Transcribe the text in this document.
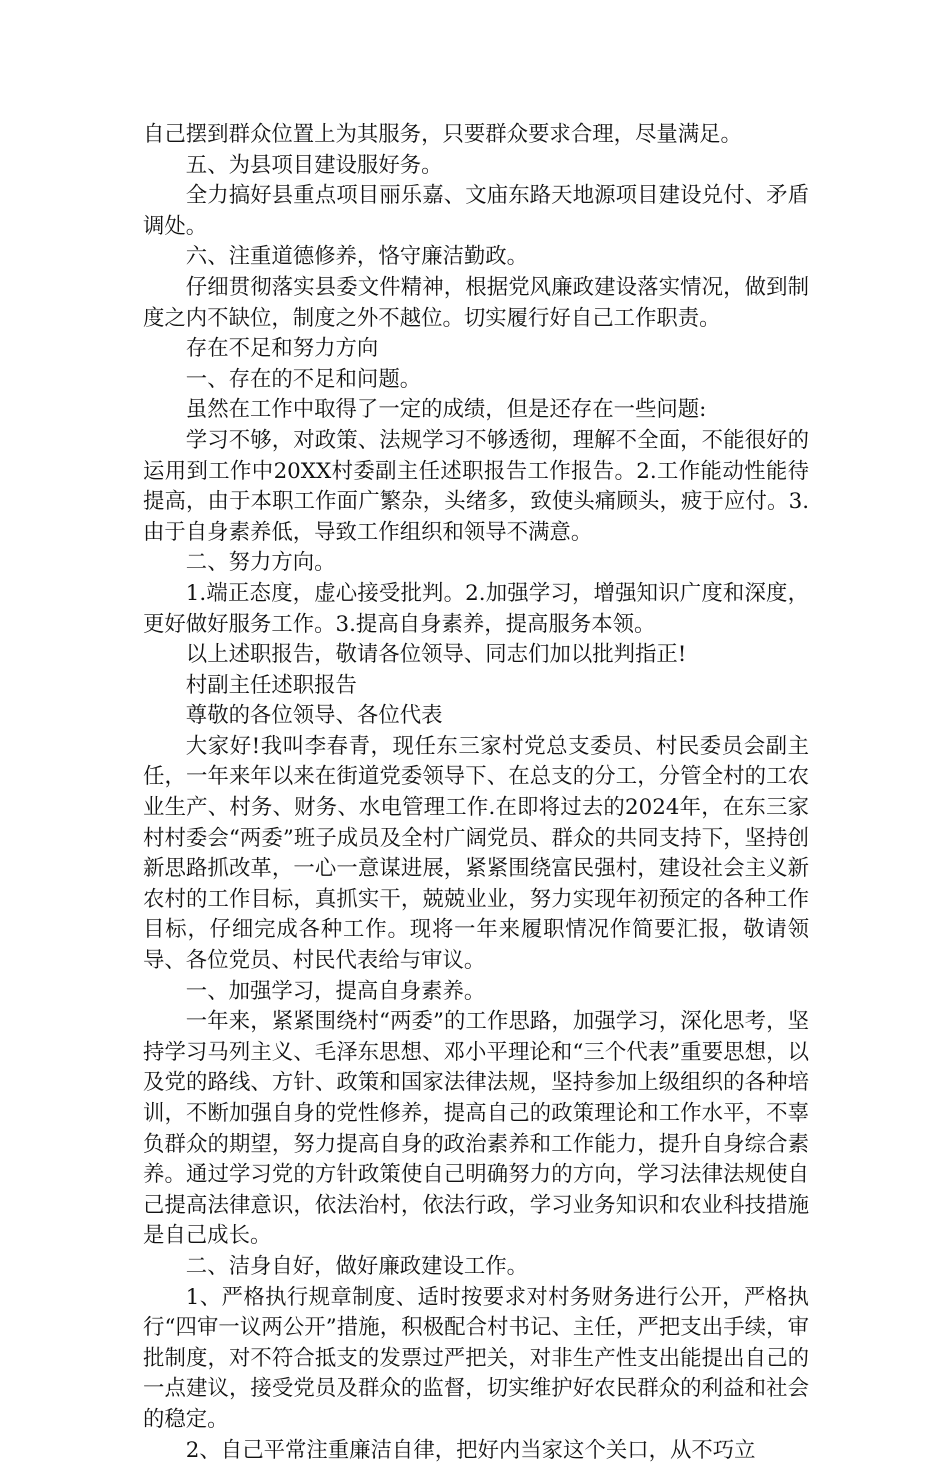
自己摆到群众位置上为其服务，只要群众要求合理，尽量满足。

五、为县项目建设服好务。

全力搞好县重点项目丽乐嘉、文庙东路天地源项目建设兑付、矛盾调处。

六、注重道德修养，恪守廉洁勤政。

仔细贯彻落实县委文件精神，根据党风廉政建设落实情况，做到制度之内不缺位，制度之外不越位。切实履行好自己工作职责。

存在不足和努力方向

一、存在的不足和问题。

虽然在工作中取得了一定的成绩，但是还存在一些问题:

学习不够，对政策、法规学习不够透彻，理解不全面，不能很好的运用到工作中20XX村委副主任述职报告工作报告。2.工作能动性能待提高，由于本职工作面广繁杂，头绪多，致使头痛顾头，疲于应付。3.由于自身素养低，导致工作组织和领导不满意。

二、努力方向。

1.端正态度，虚心接受批判。2.加强学习，增强知识广度和深度，更好做好服务工作。3.提高自身素养，提高服务本领。

以上述职报告，敬请各位领导、同志们加以批判指正!

村副主任述职报告

尊敬的各位领导、各位代表

大家好!我叫李春青，现任东三家村党总支委员、村民委员会副主任，一年来年以来在街道党委领导下、在总支的分工，分管全村的工农业生产、村务、财务、水电管理工作.在即将过去的2024年，在东三家村村委会“两委”班子成员及全村广阔党员、群众的共同支持下，坚持创新思路抓改革，一心一意谋进展，紧紧围绕富民强村，建设社会主义新农村的工作目标，真抓实干，兢兢业业，努力实现年初预定的各种工作目标，仔细完成各种工作。现将一年来履职情况作简要汇报，敬请领导、各位党员、村民代表给与审议。

一、加强学习，提高自身素养。

一年来，紧紧围绕村“两委”的工作思路，加强学习，深化思考，坚持学习马列主义、毛泽东思想、邓小平理论和“三个代表”重要思想，以及党的路线、方针、政策和国家法律法规，坚持参加上级组织的各种培训，不断加强自身的党性修养，提高自己的政策理论和工作水平，不辜负群众的期望，努力提高自身的政治素养和工作能力，提升自身综合素养。通过学习党的方针政策使自己明确努力的方向，学习法律法规使自己提高法律意识，依法治村，依法行政，学习业务知识和农业科技措施是自己成长。

二、洁身自好，做好廉政建设工作。

1、严格执行规章制度、适时按要求对村务财务进行公开，严格执行“四审一议两公开”措施，积极配合村书记、主任，严把支出手续，审批制度，对不符合抵支的发票过严把关，对非生产性支出能提出自己的一点建议，接受党员及群众的监督，切实维护好农民群众的利益和社会的稳定。

2、自己平常注重廉洁自律，把好内当家这个关口，从不巧立
